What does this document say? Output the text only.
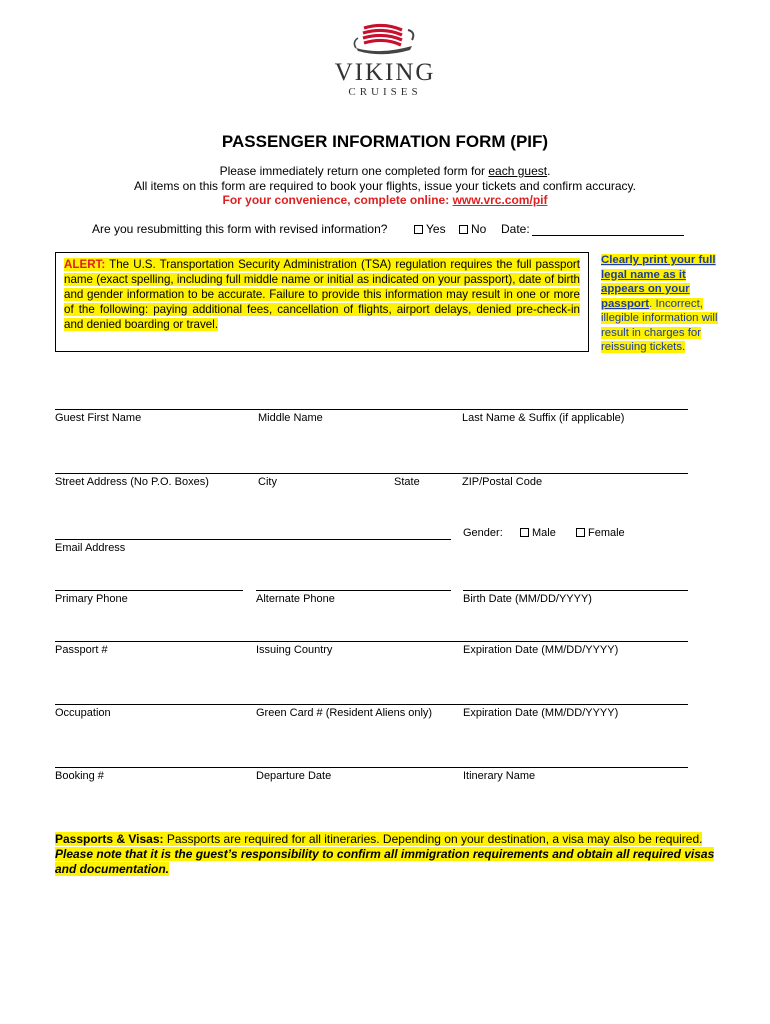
VIKING
CRUISES
PASSENGER INFORMATION FORM (PIF)
Please immediately return one completed form for each guest.
All items on this form are required to book your flights, issue your tickets and confirm accuracy.
For your convenience, complete online: www.vrc.com/pif
Are you resubmitting this form with revised information?	Yes	No Date:
ALERT: The U.S. Transportation Security Administration (TSA) regulation requires the full passport name (exact spelling, including full middle name or initial as indicated on your passport), date of birth and gender information to be accurate. Failure to provide this information may result in one or more of the following: paying additional fees, cancellation of flights, airport delays, denied pre-check-in and denied boarding or travel.
Clearly print your full legal name as it appears on your passport. Incorrect, illegible information will result in charges for reissuing tickets.
Guest First Name	Middle Name	Last Name & Suffix (if applicable)
Street Address (No P.O. Boxes)	City	State	ZIP/Postal Code
Email Address
Gender:	Male	Female
Primary Phone	Alternate Phone	Birth Date (MM/DD/YYYY)
Passport #	Issuing Country	Expiration Date (MM/DD/YYYY)
Occupation	Green Card # (Resident Aliens only)	Expiration Date (MM/DD/YYYY)
Booking #	Departure Date	Itinerary Name
Passports & Visas: Passports are required for all itineraries. Depending on your destination, a visa may also be required.
Please note that it is the guest’s responsibility to confirm all immigration requirements and obtain all required visas and documentation.
